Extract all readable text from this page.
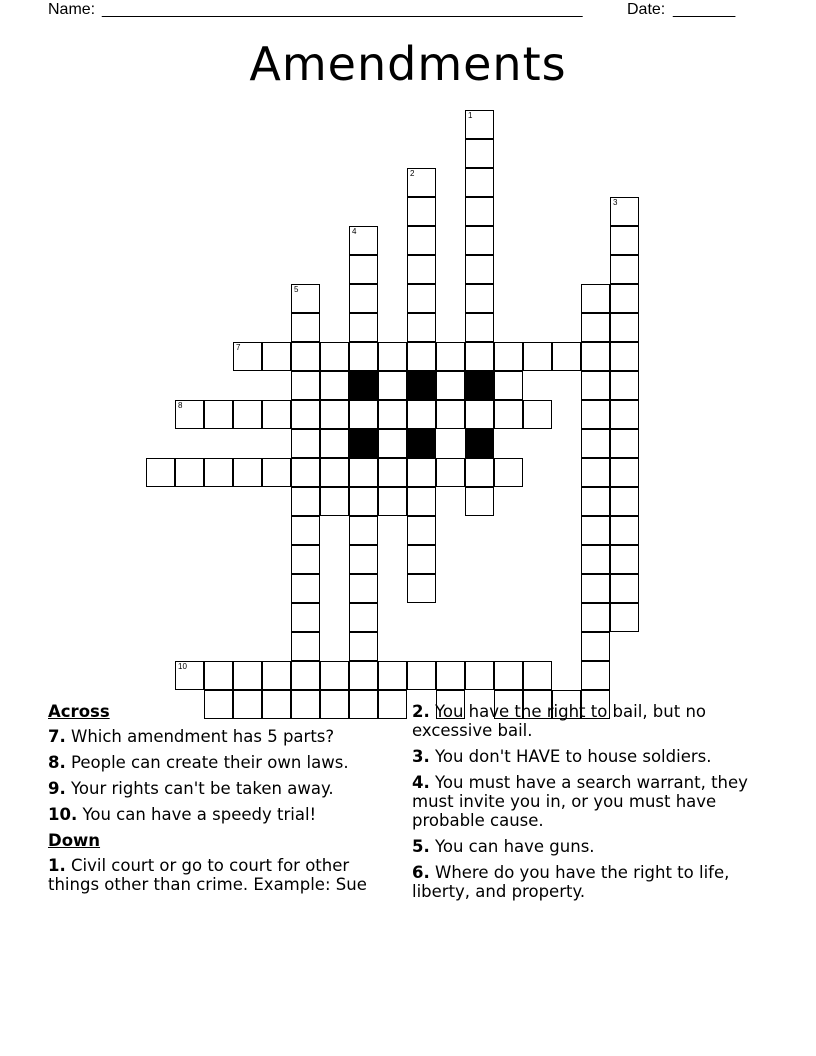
Name: ______________________________________________________	Date: _______
Amendments
1
2
3
4
5
7
8
10
Across
7. Which amendment has 5 parts?
8. People can create their own laws.
9. Your rights can't be taken away.
10. You can have a speedy trial!
Down
1. Civil court or go to court for other things other than crime. Example: Sue
2. You have the right to bail, but no excessive bail.
3. You don't HAVE to house soldiers.
4. You must have a search warrant, they must invite you in, or you must have probable cause.
5. You can have guns.
6. Where do you have the right to life, liberty, and property.
